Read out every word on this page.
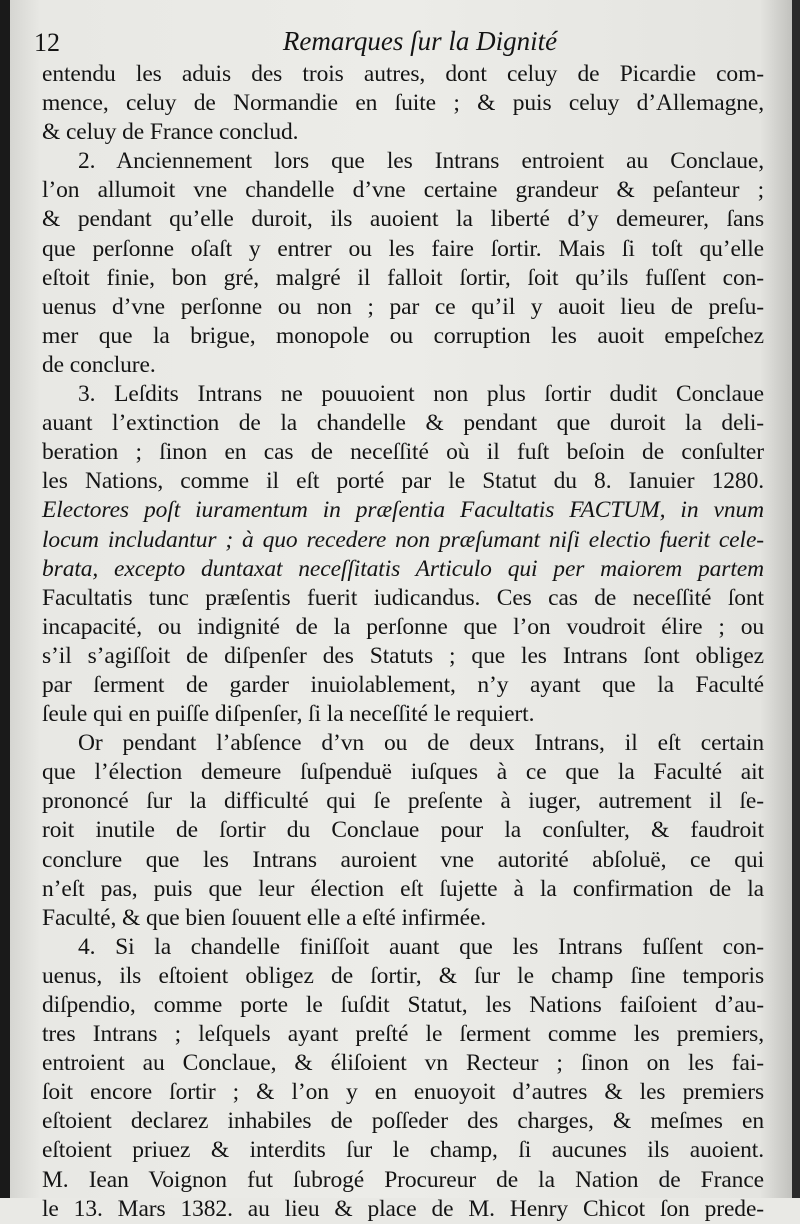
12	Remarques ſur la Dignité
entendu les aduis des trois autres, dont celuy de Picardie com-
mence, celuy de Normandie en ſuite ; & puis celuy d’Allemagne,
& celuy de France conclud.
2. Anciennement lors que les Intrans entroient au Conclaue,
l’on allumoit vne chandelle d’vne certaine grandeur & peſanteur ;
& pendant qu’elle duroit, ils auoient la liberté d’y demeurer, ſans
que perſonne oſaſt y entrer ou les faire ſortir. Mais ſi toſt qu’elle
eſtoit finie, bon gré, malgré il falloit ſortir, ſoit qu’ils fuſſent con-
uenus d’vne perſonne ou non ; par ce qu’il y auoit lieu de preſu-
mer que la brigue, monopole ou corruption les auoit empeſchez
de conclure.
3. Leſdits Intrans ne pouuoient non plus ſortir dudit Conclaue
auant l’extinction de la chandelle & pendant que duroit la deli-
beration ; ſinon en cas de neceſſité où il fuſt beſoin de conſulter
les Nations, comme il eſt porté par le Statut du 8. Ianuier 1280.
Electores poſt iuramentum in præſentia Facultatis FACTUM, in vnum
locum includantur ; à quo recedere non præſumant niſi electio fuerit cele-
brata, excepto duntaxat neceſſitatis Articulo qui per maiorem partem
Facultatis tunc præſentis fuerit iudicandus. Ces cas de neceſſité ſont
incapacité, ou indignité de la perſonne que l’on voudroit élire ; ou
s’il s’agiſſoit de diſpenſer des Statuts ; que les Intrans ſont obligez
par ſerment de garder inuiolablement, n’y ayant que la Faculté
ſeule qui en puiſſe diſpenſer, ſi la neceſſité le requiert.
Or pendant l’abſence d’vn ou de deux Intrans, il eſt certain
que l’élection demeure ſuſpenduë iuſques à ce que la Faculté ait
prononcé ſur la difficulté qui ſe preſente à iuger, autrement il ſe-
roit inutile de ſortir du Conclaue pour la conſulter, & faudroit
conclure que les Intrans auroient vne autorité abſoluë, ce qui
n’eſt pas, puis que leur élection eſt ſujette à la confirmation de la
Faculté, & que bien ſouuent elle a eſté infirmée.
4. Si la chandelle finiſſoit auant que les Intrans fuſſent con-
uenus, ils eſtoient obligez de ſortir, & ſur le champ ſine temporis
diſpendio, comme porte le ſuſdit Statut, les Nations faiſoient d’au-
tres Intrans ; leſquels ayant preſté le ſerment comme les premiers,
entroient au Conclaue, & éliſoient vn Recteur ; ſinon on les fai-
ſoit encore ſortir ; & l’on y en enuoyoit d’autres & les premiers
eſtoient declarez inhabiles de poſſeder des charges, & meſmes en
eſtoient priuez & interdits ſur le champ, ſi aucunes ils auoient.
M. Iean Voignon fut ſubrogé Procureur de la Nation de France
le 13. Mars 1382. au lieu & place de M. Henry Chicot ſon prede-
